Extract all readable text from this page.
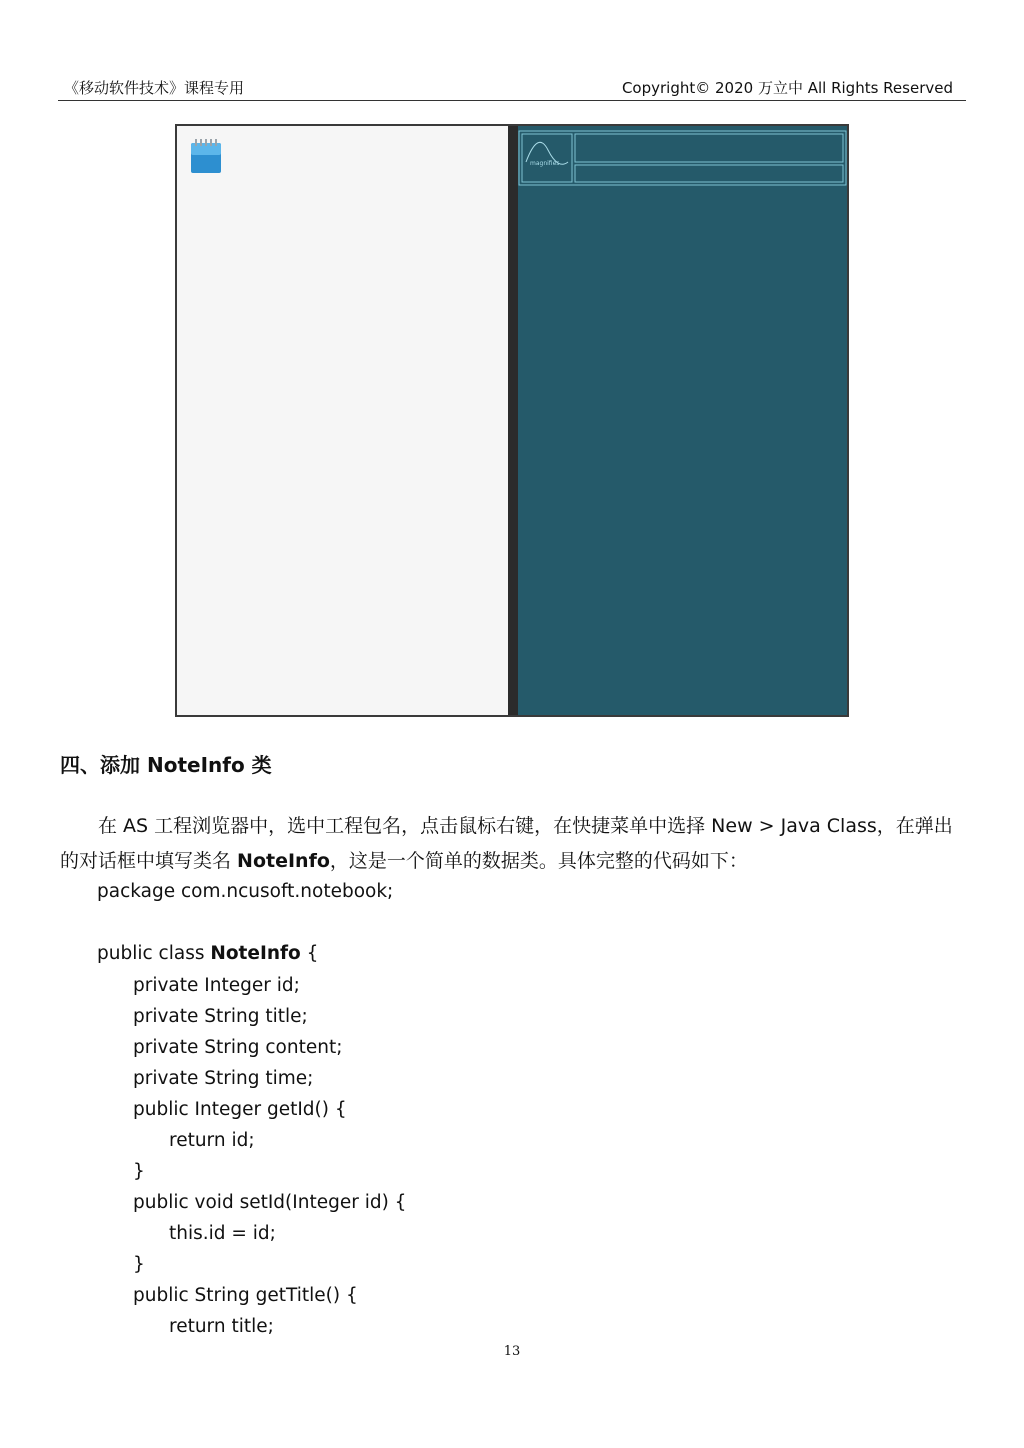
《移动软件技术》课程专用	Copyright© 2020 万立中 All Rights Reserved
magnifies
四、添加 NoteInfo 类
在 AS 工程浏览器中，选中工程包名，点击鼠标右键，在快捷菜单中选择 New > Java Class，在弹出的对话框中填写类名 NoteInfo，这是一个简单的数据类。具体完整的代码如下：
package com.ncusoft.notebook;
public class NoteInfo {
private Integer id;
private String title;
private String content;
private String time;
public Integer getId() {
return id;
}
public void setId(Integer id) {
this.id = id;
}
public String getTitle() {
return title;
13
